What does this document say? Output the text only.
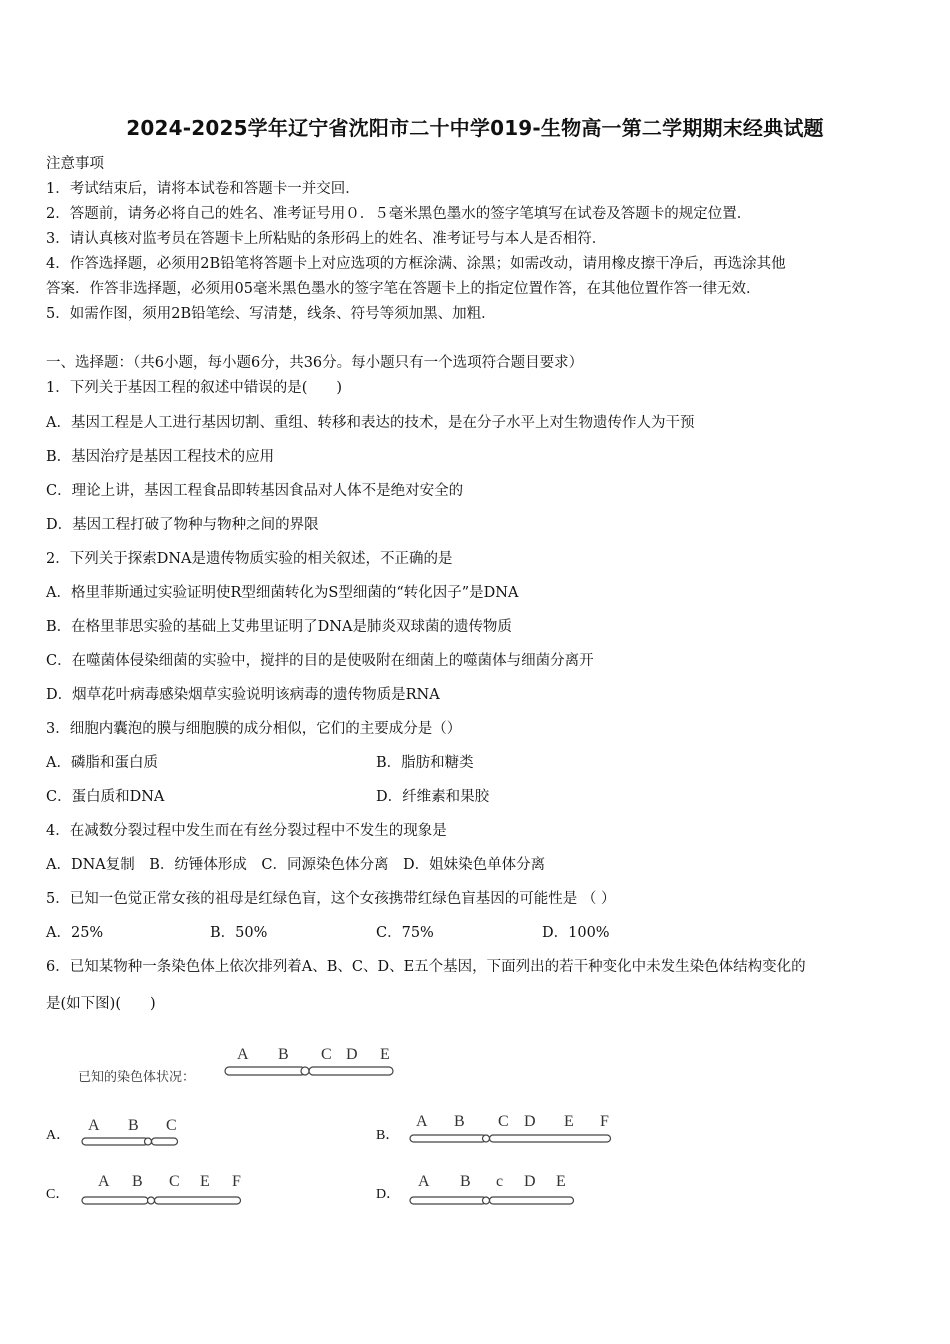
2024-2025学年辽宁省沈阳市二十中学019-生物高一第二学期期末经典试题
注意事项
1．考试结束后，请将本试卷和答题卡一并交回．
2．答题前，请务必将自己的姓名、准考证号用０．５毫米黑色墨水的签字笔填写在试卷及答题卡的规定位置．
3．请认真核对监考员在答题卡上所粘贴的条形码上的姓名、准考证号与本人是否相符．
4．作答选择题，必须用2B铅笔将答题卡上对应选项的方框涂满、涂黑；如需改动，请用橡皮擦干净后，再选涂其他
答案．作答非选择题，必须用05毫米黑色墨水的签字笔在答题卡上的指定位置作答，在其他位置作答一律无效．
5．如需作图，须用2B铅笔绘、写清楚，线条、符号等须加黑、加粗．
一、选择题：（共6小题，每小题6分，共36分。每小题只有一个选项符合题目要求）
1．下列关于基因工程的叙述中错误的是(　　)
A．基因工程是人工进行基因切割、重组、转移和表达的技术，是在分子水平上对生物遗传作人为干预
B．基因治疗是基因工程技术的应用
C．理论上讲，基因工程食品即转基因食品对人体不是绝对安全的
D．基因工程打破了物种与物种之间的界限
2．下列关于探索DNA是遗传物质实验的相关叙述，不正确的是
A．格里菲斯通过实验证明使R型细菌转化为S型细菌的“转化因子”是DNA
B．在格里菲思实验的基础上艾弗里证明了DNA是肺炎双球菌的遗传物质
C．在噬菌体侵染细菌的实验中，搅拌的目的是使吸附在细菌上的噬菌体与细菌分离开
D．烟草花叶病毒感染烟草实验说明该病毒的遗传物质是RNA
3．细胞内囊泡的膜与细胞膜的成分相似，它们的主要成分是（）
A．磷脂和蛋白质	B．脂肪和糖类
C．蛋白质和DNA	D．纤维素和果胶
4．在减数分裂过程中发生而在有丝分裂过程中不发生的现象是
A．DNA复制　B．纺锤体形成　C．同源染色体分离　D．姐妹染色单体分离
5．已知一色觉正常女孩的祖母是红绿色盲，这个女孩携带红绿色盲基因的可能性是 （ ）
A．25%	B．50%	C．75%	D．100%
6．已知某物种一条染色体上依次排列着A、B、C、D、E五个基因，下面列出的若干种变化中未发生染色体结构变化的
是(如下图)(　　)
已知的染色体状况：
A B C D E
A．
A B C
B．
A B C D E F
C．
A B C E F
D．
A B c D E
